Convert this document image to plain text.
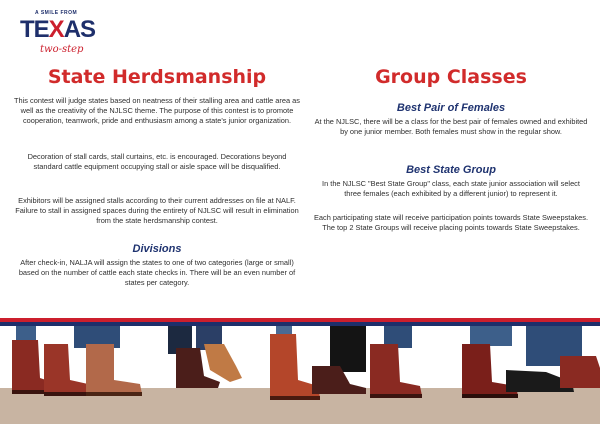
A SMILE FROM
TEXAS
two-step
State Herdsmanship

This contest will judge states based on neatness of their stalling area and cattle area as well as the creativity of the NJLSC theme. The purpose of this contest is to promote cooperation, teamwork, pride and enthusiasm among a state's junior organization.

Decoration of stall cards, stall curtains, etc. is encouraged. Decorations beyond standard cattle equipment occupying stall or aisle space will be disqualified.

Exhibitors will be assigned stalls according to their current addresses on file at NALF. Failure to stall in assigned spaces during the entirety of NJLSC will result in elimination from the state herdsmanship contest.

Divisions

After check-in, NALJA will assign the states to one of two categories (large or small) based on the number of cattle each state checks in. There will be an even number of states per category.

Group Classes
Best Pair of Females

At the NJLSC, there will be a class for the best pair of females owned and exhibited by one junior member. Both females must show in the regular show.

Best State Group

In the NJLSC "Best State Group" class, each state junior association will select three females (each exhibited by a different junior) to represent it.

Each participating state will receive participation points towards State Sweepstakes. The top 2 State Groups will receive placing points towards State Sweepstakes.
